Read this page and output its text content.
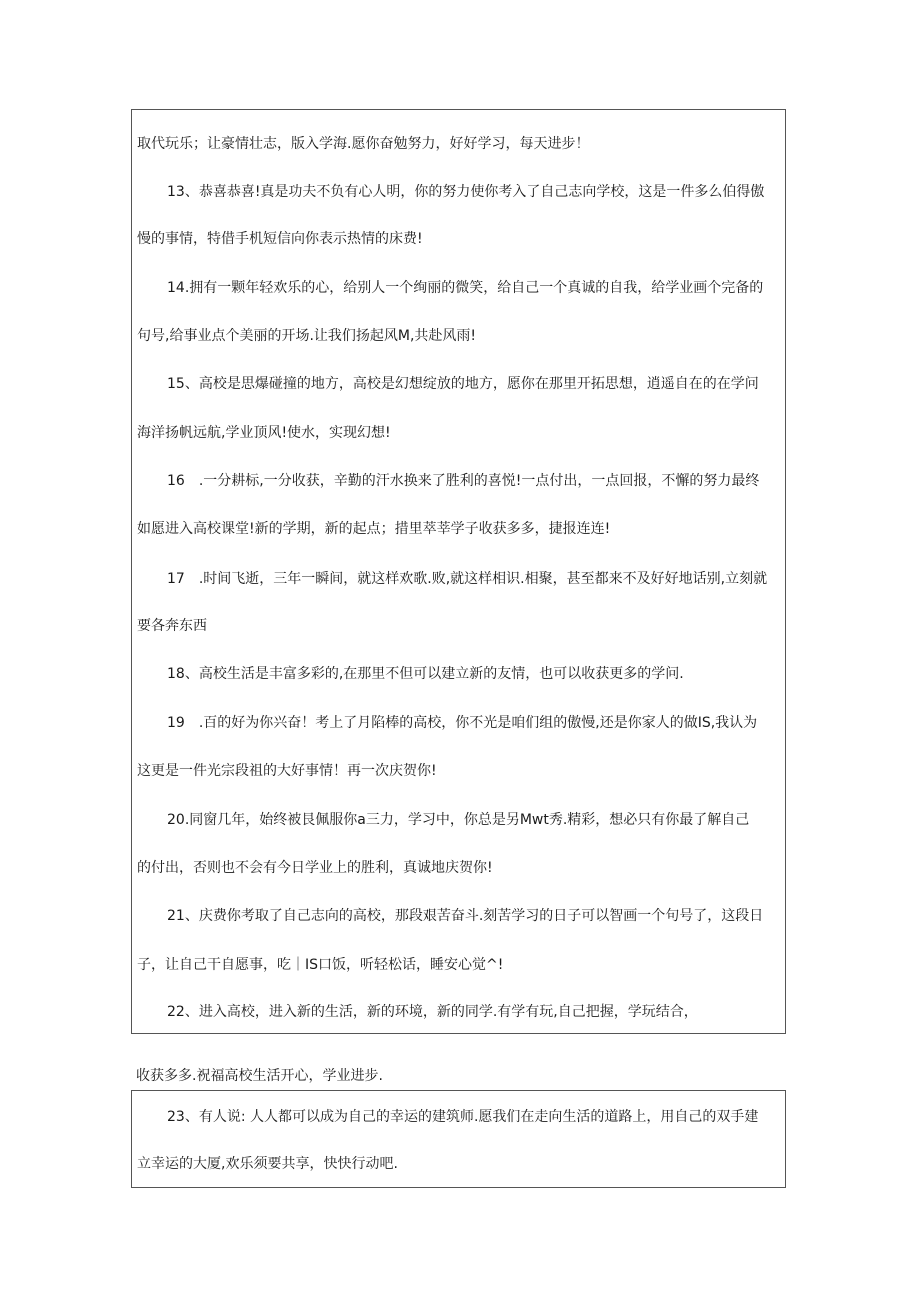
取代玩乐；让豪情壮志，版入学海.愿你奋勉努力，好好学习，每天进步！

13、恭喜恭喜!真是功夫不负有心人明，你的努力使你考入了自己志向学校，这是一件多么伯得傲

慢的事情，特借手机短信向你表示热情的床费!

14.拥有一颗年轻欢乐的心，给别人一个绚丽的微笑，给自己一个真诚的自我，给学业画个完备的

句号,给事业点个美丽的开场.让我们扬起风M,共赴风雨!

15、高校是思爆碰撞的地方，高校是幻想绽放的地方，愿你在那里开拓思想，逍遥自在的在学问

海洋扬帆远航,学业顶风!使水，实现幻想!

16　.一分耕标,一分收获，辛勤的汗水换来了胜利的喜悦!一点付出，一点回报，不懈的努力最终

如愿进入高校课堂!新的学期，新的起点；措里萃莘学子收获多多，捷报连连!

17　.时间飞逝，三年一瞬间，就这样欢歌.败,就这样相识.相聚，甚至都来不及好好地话别,立刻就

要各奔东西

18、高校生活是丰富多彩的,在那里不但可以建立新的友情，也可以收获更多的学问.

19　.百的好为你兴奋！考上了月陷棒的高校，你不光是咱们组的傲慢,还是你家人的做IS,我认为

这更是一件光宗段祖的大好事情！再一次庆贺你!

20.同窗几年，始终被艮佩服你a三力，学习中，你总是另Mwt秀.精彩，想必只有你最了解自己

的付出，否则也不会有今日学业上的胜利，真诚地庆贺你!

21、庆费你考取了自己志向的高校，那段艰苦奋斗.刻苦学习的日子可以智画一个句号了，这段日

子，让自己干自愿事，吃｜IS口饭，听轻松话，睡安心觉^!

22、进入高校，进入新的生活，新的环境，新的同学.有学有玩,自己把握，学玩结合，

收获多多.祝福高校生活开心，学业进步.

23、有人说: 人人都可以成为自己的幸运的建筑师.愿我们在走向生活的道路上，用自己的双手建

立幸运的大厦,欢乐须要共享，快快行动吧.
